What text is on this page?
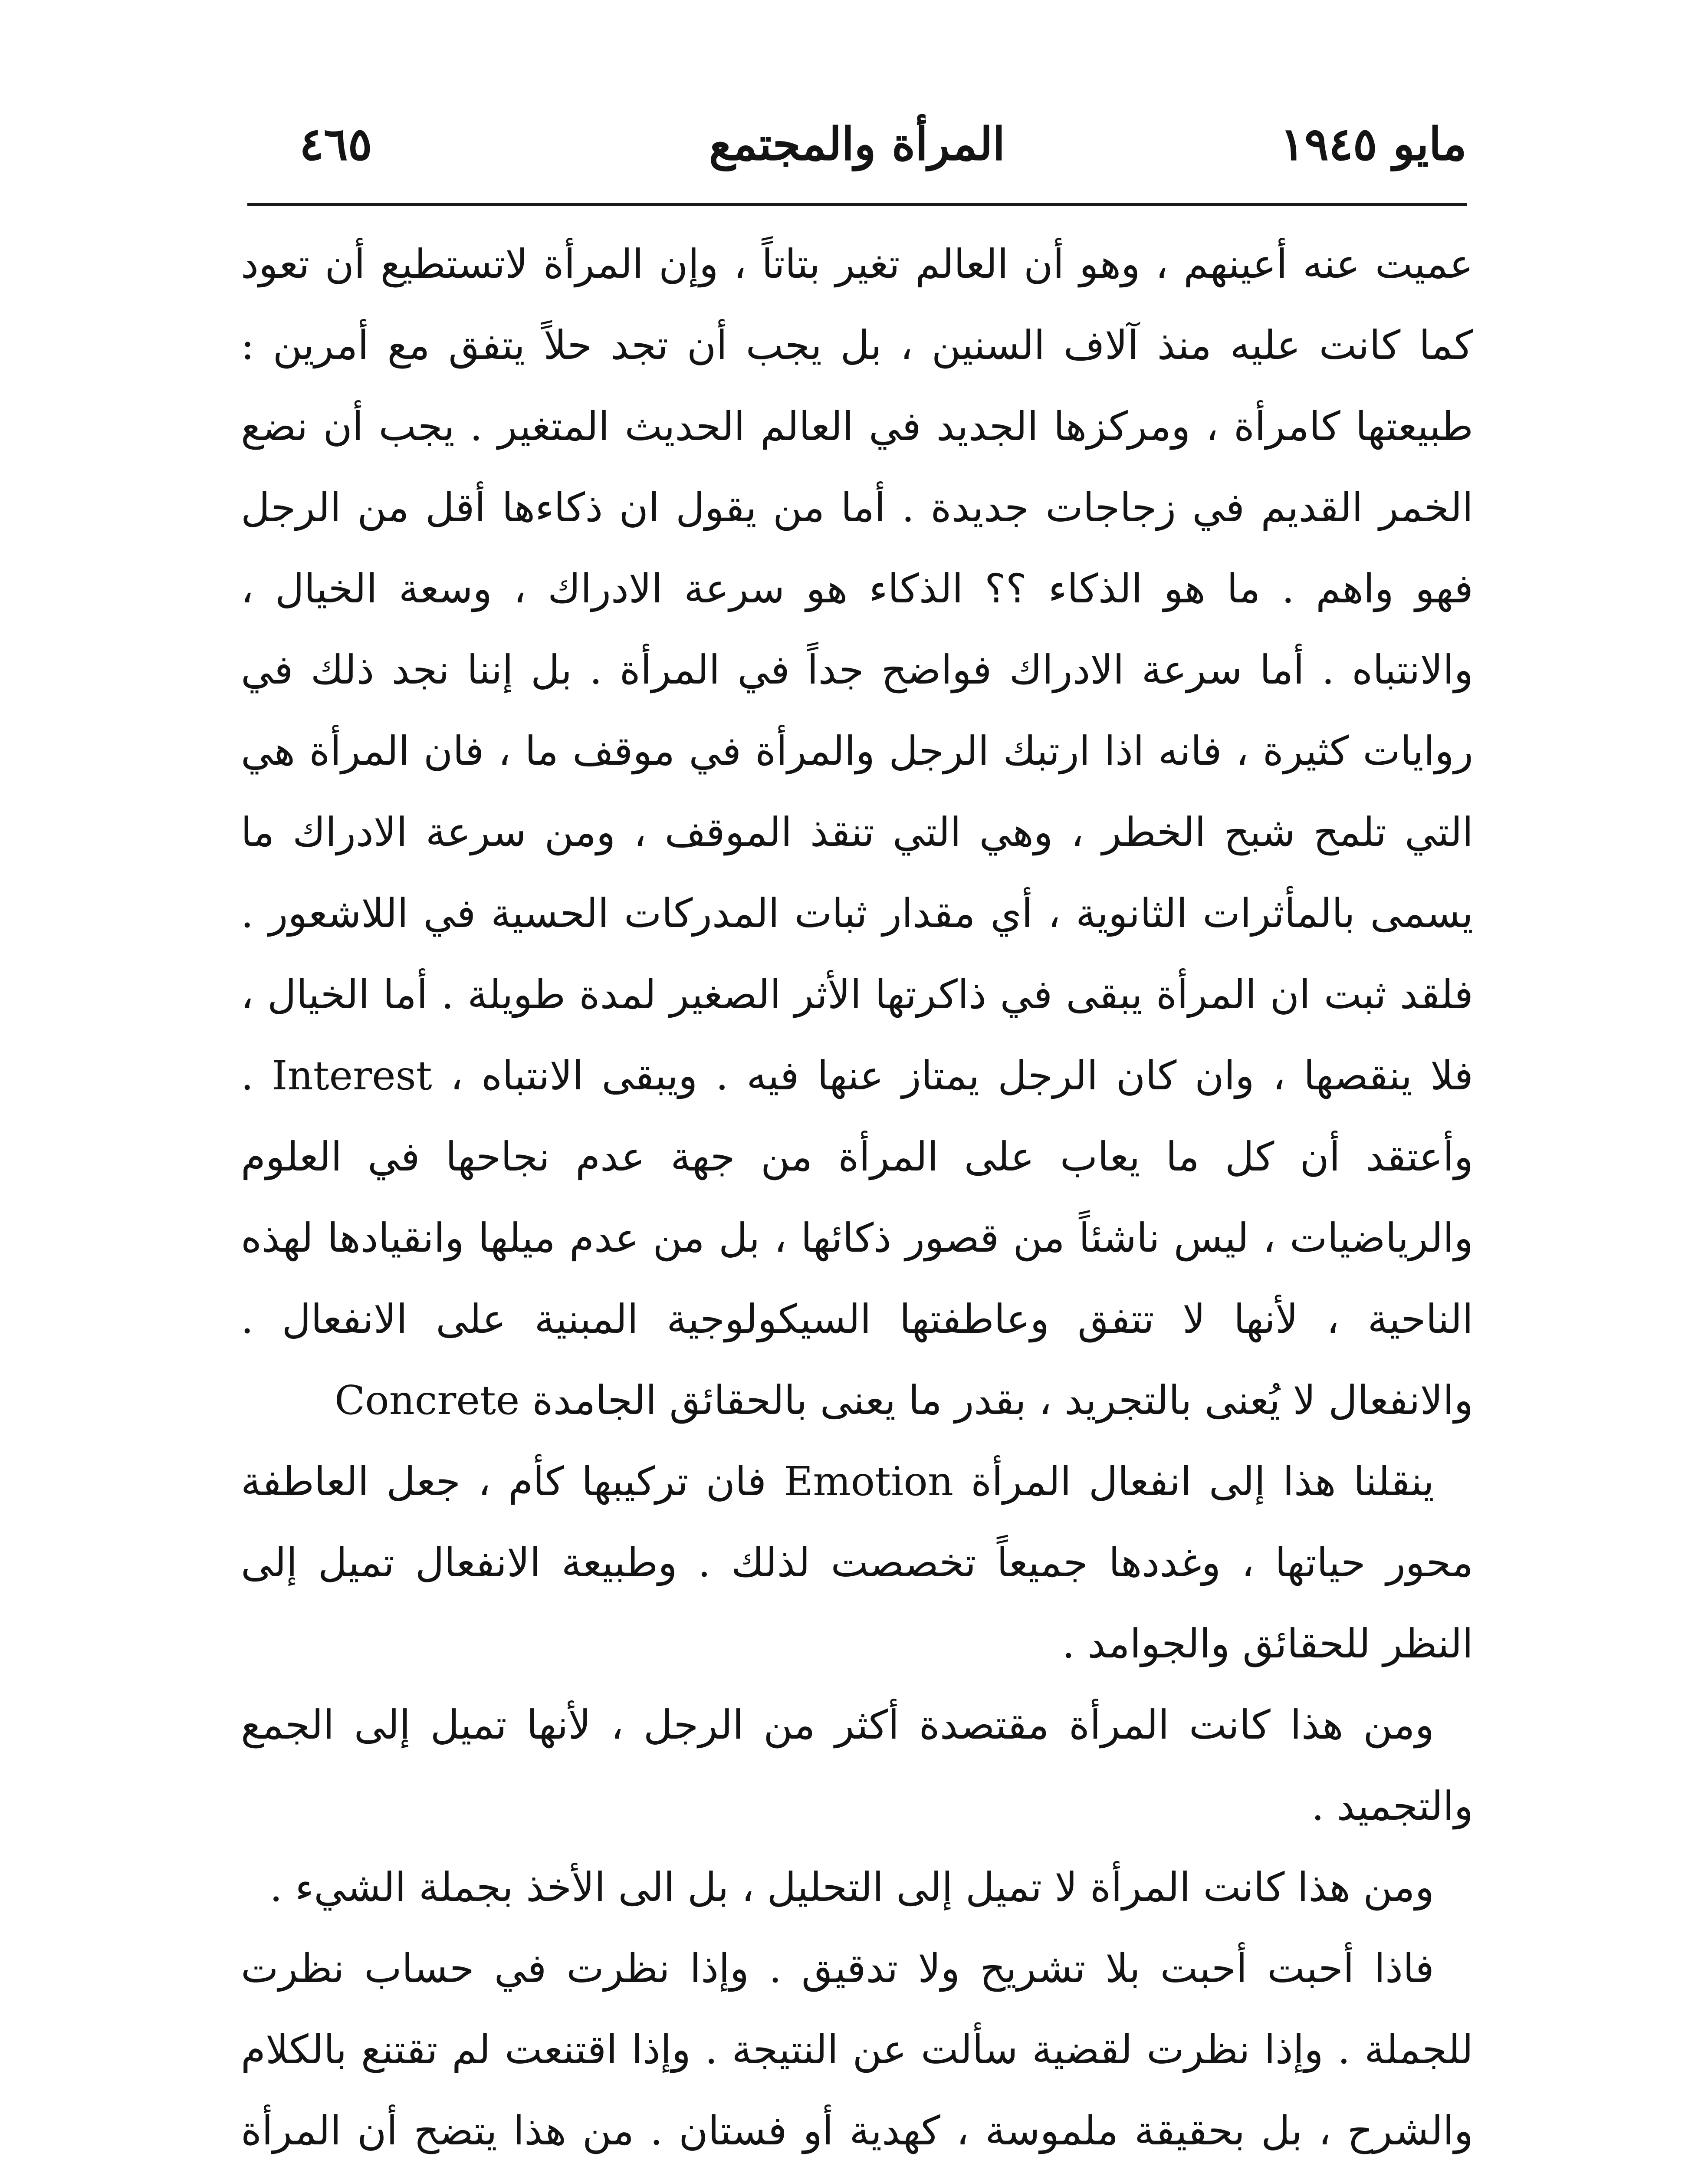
مايو ١٩٤٥
المرأة والمجتمع
٤٦٥

عميت عنه أعينهم ، وهو أن العالم تغير بتاتاً ، وإن المرأة لاتستطيع أن تعود كما كانت عليه منذ آلاف السنين ، بل يجب أن تجد حلاً يتفق مع أمرين : طبيعتها كامرأة ، ومركزها الجديد في العالم الحديث المتغير . يجب أن نضع الخمر القديم في زجاجات جديدة . أما من يقول ان ذكاءها أقل من الرجل فهو واهم . ما هو الذكاء ؟؟ الذكاء هو سرعة الادراك ، وسعة الخيال ، والانتباه . أما سرعة الادراك فواضح جداً في المرأة . بل إننا نجد ذلك في روايات كثيرة ، فانه اذا ارتبك الرجل والمرأة في موقف ما ، فان المرأة هي التي تلمح شبح الخطر ، وهي التي تنقذ الموقف ، ومن سرعة الادراك ما يسمى بالمأثرات الثانوية ، أي مقدار ثبات المدركات الحسية في اللاشعور . فلقد ثبت ان المرأة يبقى في ذاكرتها الأثر الصغير لمدة طويلة . أما الخيال ، فلا ينقصها ، وان كان الرجل يمتاز عنها فيه . ويبقى الانتباه ، Interest . وأعتقد أن كل ما يعاب على المرأة من جهة عدم نجاحها في العلوم والرياضيات ، ليس ناشئاً من قصور ذكائها ، بل من عدم ميلها وانقيادها لهذه الناحية ، لأنها لا تتفق وعاطفتها السيكولوجية المبنية على الانفعال . والانفعال لا يُعنى بالتجريد ، بقدر ما يعنى بالحقائق الجامدة Concrete

ينقلنا هذا إلى انفعال المرأة Emotion فان تركيبها كأم ، جعل العاطفة محور حياتها ، وغددها جميعاً تخصصت لذلك . وطبيعة الانفعال تميل إلى النظر للحقائق والجوامد .

ومن هذا كانت المرأة مقتصدة أكثر من الرجل ، لأنها تميل إلى الجمع والتجميد .

ومن هذا كانت المرأة لا تميل إلى التحليل ، بل الى الأخذ بجملة الشيء .

فاذا أحبت أحبت بلا تشريح ولا تدقيق . وإذا نظرت في حساب نظرت للجملة . وإذا نظرت لقضية سألت عن النتيجة . وإذا اقتنعت لم تقتنع بالكلام والشرح ، بل بحقيقة ملموسة ، كهدية أو فستان . من هذا يتضح أن المرأة
